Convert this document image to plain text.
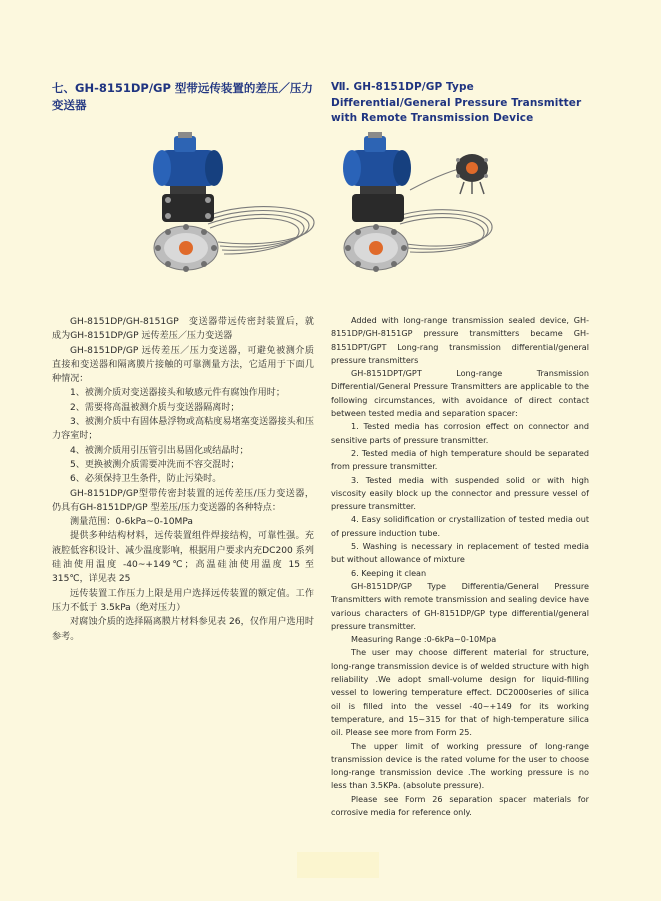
七、GH-8151DP/GP 型带远传装置的差压／压力变送器
Ⅶ. GH-8151DP/GP Type Differential/General Pressure Transmitter with Remote Transmission Device

GH-8151DP/GH-8151GP　变送器带远传密封装置后，就成为GH-8151DP/GP 远传差压／压力变送器

GH-8151DP/GP 远传差压／压力变送器，可避免被测介质直接和变送器和隔离膜片接触的可靠测量方法，它适用于下面几种情况：

1、被测介质对变送器接头和敏感元件有腐蚀作用时；

2、需要将高温被测介质与变送器隔离时；

3、被测介质中有固体悬浮物或高粘度易堵塞变送器接头和压力容室时；

4、被测介质用引压管引出易固化或结晶时；

5、更换被测介质需要冲洗而不容交混时；

6、必须保持卫生条件，防止污染时。

GH-8151DP/GP型带传密封装置的远传差压/压力变送器，仍具有GH-8151DP/GP 型差压/压力变送器的各种特点：

测量范围：0-6kPa~0-10MPa

提供多种结构材料，远传装置组件焊接结构，可靠性强。充液腔低容积设计、减少温度影响，根据用户要求内充DC200 系列硅油使用温度 -40~+149℃；高温硅油使用温度 15 至 315℃，详见表 25

远传装置工作压力上限是用户选择远传装置的额定值。工作压力不低于 3.5kPa（绝对压力）

对腐蚀介质的选择隔离膜片材料参见表 26，仅作用户选用时参考。

Added with long-range transmission sealed device, GH-8151DP/GH-8151GP pressure transmitters became GH-8151DPT/GPT Long-rang transmission differential/general pressure transmitters

GH-8151DPT/GPT Long-range Transmission Differential/General Pressure Transmitters are applicable to the following circumstances, with avoidance of direct contact between tested media and separation spacer:

1. Tested media has corrosion effect on connector and sensitive parts of pressure transmitter.

2. Tested media of high temperature should be separated from pressure transmitter.

3. Tested media with suspended solid or with high viscosity easily block up the connector and pressure vessel of pressure transmitter.

4. Easy solidification or crystallization of tested media out of pressure induction tube.

5. Washing is necessary in replacement of tested media but without allowance of mixture

6. Keeping it clean

GH-8151DP/GP Type Differentia/General Pressure Transmitters with remote transmission and sealing device have various characters of GH-8151DP/GP type differential/general pressure transmitter.

Measuring Range :0-6kPa~0-10Mpa

The user may choose different material for structure, long-range transmission device is of welded structure with high reliability .We adopt small-volume design for liquid-filling vessel to lowering temperature effect. DC2000series of silica oil is filled into the vessel -40~+149 for its working temperature, and 15~315 for that of high-temperature silica oil. Please see more from Form 25.

The upper limit of working pressure of long-range transmission device is the rated volume for the user to choose long-range transmission device .The working pressure is no less than 3.5KPa. (absolute pressure).

Please see Form 26 separation spacer materials for corrosive media for reference only.
